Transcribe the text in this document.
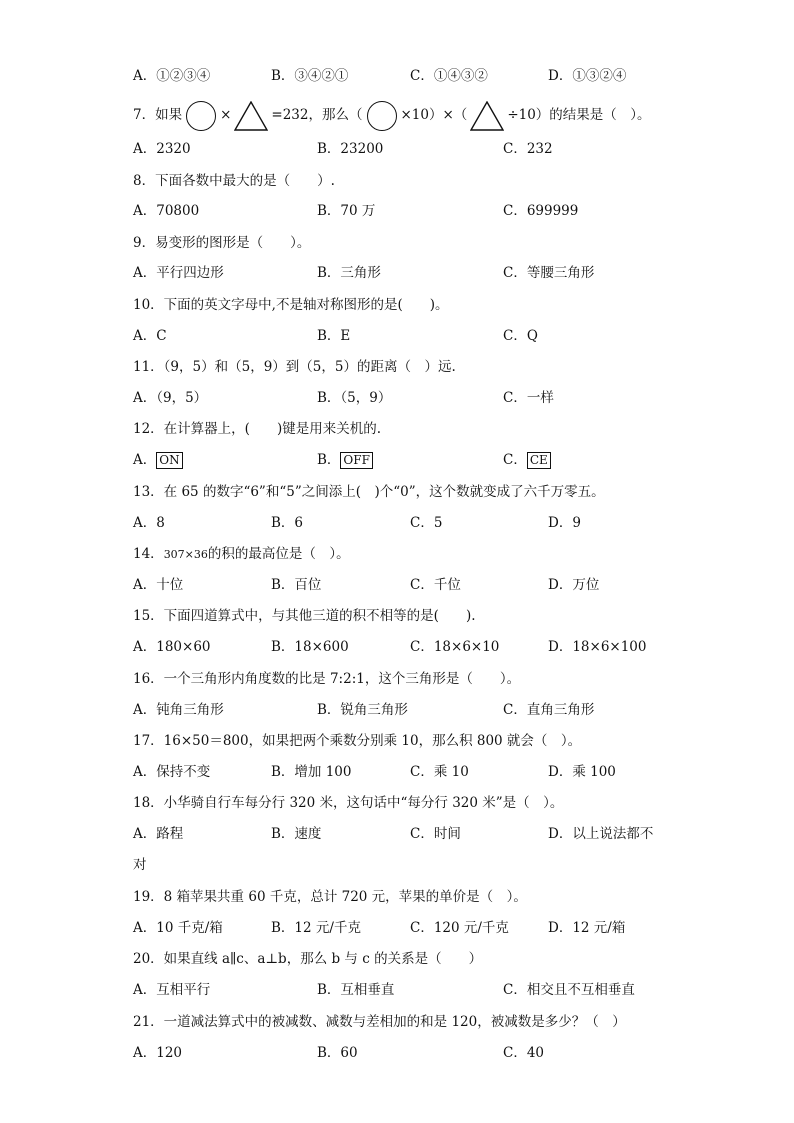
A．①②③④	B．③④②①	C．①④③②	D．①③②④
7．如果	×	=232，那么（	×10）×（	÷10）的结果是（　）。
A．2320	B．23200	C．232
8．下面各数中最大的是（　　）.
A．70800	B．70 万	C．699999
9．易变形的图形是（　　）。
A．平行四边形	B．三角形	C．等腰三角形
10．下面的英文字母中,不是轴对称图形的是(　　)。
A．C	B．E	C．Q
11．（9，5）和（5，9）到（5，5）的距离（　）远.
A．（9，5）	B．（5，9）	C．一样
12．在计算器上，(　　)键是用来关机的.
A． ON	B． OFF	C． CE
13．在 65 的数字“6”和“5”之间添上(　)个“0”，这个数就变成了六千万零五。
A．8	B．6	C．5	D．9
14．307×36的积的最高位是（　）。
A．十位	B．百位	C．千位	D．万位
15．下面四道算式中，与其他三道的积不相等的是(　　).
A．180×60	B．18×600	C．18×6×10	D．18×6×100
16．一个三角形内角度数的比是 7:2:1，这个三角形是（　　）。
A．钝角三角形	B．锐角三角形	C．直角三角形
17．16×50＝800，如果把两个乘数分别乘 10，那么积 800 就会（　）。
A．保持不变	B．增加 100	C．乘 10	D．乘 100
18．小华骑自行车每分行 320 米，这句话中“每分行 320 米”是（　）。
A．路程	B．速度	C．时间	D．以上说法都不
对
19．8 箱苹果共重 60 千克，总计 720 元，苹果的单价是（　）。
A．10 千克/箱	B．12 元/千克	C．120 元/千克	D．12 元/箱
20．如果直线 a∥c、a⊥b，那么 b 与 c 的关系是（　　）
A．互相平行	B．互相垂直	C．相交且不互相垂直
21．一道减法算式中的被减数、减数与差相加的和是 120，被减数是多少？（　）
A．120	B．60	C．40
